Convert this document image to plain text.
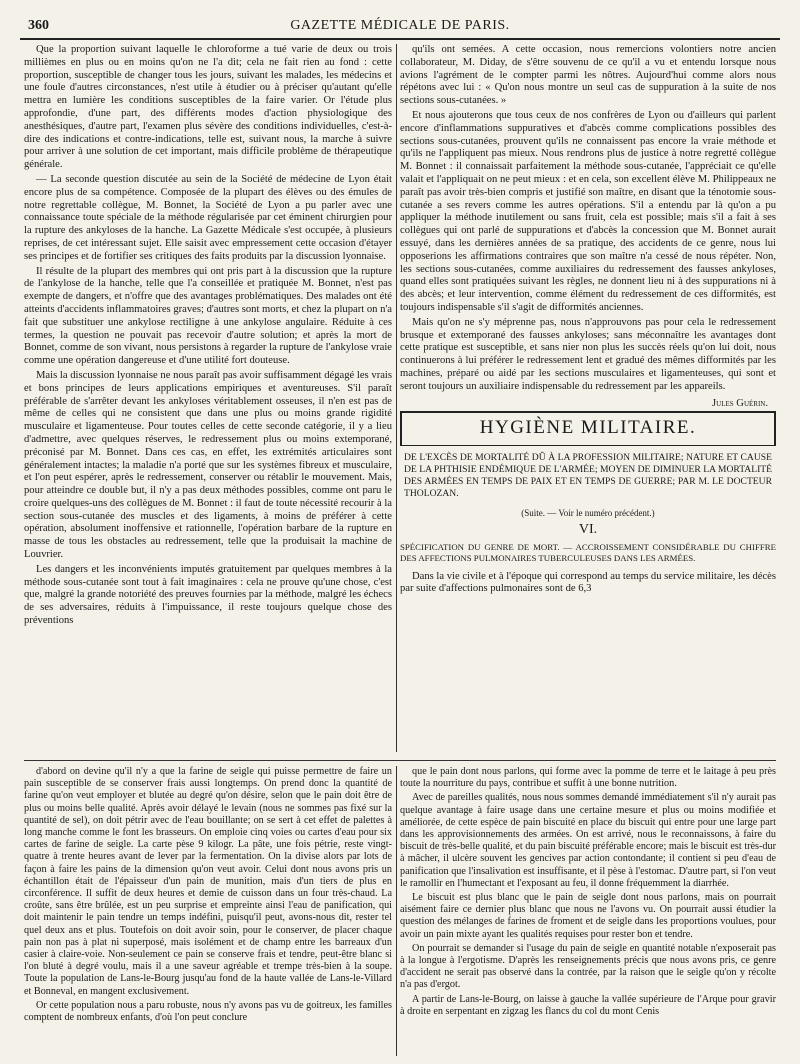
360	GAZETTE MÉDICALE DE PARIS.

Que la proportion suivant laquelle le chloroforme a tué varie de deux ou trois millièmes en plus ou en moins qu'on ne l'a dit; cela ne fait rien au fond : cette proportion, susceptible de changer tous les jours, suivant les malades, les médecins et une foule d'autres circonstances, n'est utile à étudier ou à préciser qu'autant qu'elle mettra en lumière les conditions susceptibles de la faire varier. Or l'étude plus approfondie, d'une part, des différents modes d'action physiologique des anesthésiques, d'autre part, l'examen plus sévère des conditions individuelles, c'est-à-dire des indications et contre-indications, telle est, suivant nous, la marche à suivre pour arriver à une solution de cet important, mais difficile problème de thérapeutique générale.

— La seconde question discutée au sein de la Société de médecine de Lyon était encore plus de sa compétence. Composée de la plupart des élèves ou des émules de notre regrettable collègue, M. Bonnet, la Société de Lyon a pu parler avec une connaissance toute spéciale de la méthode régularisée par cet éminent chirurgien pour la rupture des ankyloses de la hanche. La Gazette Médicale s'est occupée, à plusieurs reprises, de cet intéressant sujet. Elle saisit avec empressement cette occasion d'étayer ses principes et de fortifier ses critiques des faits produits par la discussion lyonnaise.

Il résulte de la plupart des membres qui ont pris part à la discussion que la rupture de l'ankylose de la hanche, telle que l'a conseillée et pratiquée M. Bonnet, n'est pas exempte de dangers, et n'offre que des avantages problématiques. Des malades ont été atteints d'accidents inflammatoires graves; d'autres sont morts, et chez la plupart on n'a fait que substituer une ankylose rectiligne à une ankylose angulaire. Réduite à ces termes, la question ne pouvait pas recevoir d'autre solution; et après la mort de Bonnet, comme de son vivant, nous persistons à regarder la rupture de l'ankylose vraie comme une opération dangereuse et d'une utilité fort douteuse.

Mais la discussion lyonnaise ne nous paraît pas avoir suffisamment dégagé les vrais et bons principes de leurs applications empiriques et aventureuses. S'il paraît préférable de s'arrêter devant les ankyloses véritablement osseuses, il n'en est pas de même de celles qui ne consistent que dans une plus ou moins grande rigidité musculaire et ligamenteuse. Pour toutes celles de cette seconde catégorie, il y a lieu d'admettre, avec quelques réserves, le redressement plus ou moins extemporané, préconisé par M. Bonnet. Dans ces cas, en effet, les extrémités articulaires sont généralement intactes; la maladie n'a porté que sur les systèmes fibreux et musculaire, et l'on peut espérer, après le redressement, conserver ou rétablir le mouvement. Mais, pour atteindre ce double but, il n'y a pas deux méthodes possibles, comme ont paru le croire quelques-uns des collègues de M. Bonnet : il faut de toute nécessité recourir à la section sous-cutanée des muscles et des ligaments, à moins de préférer à cette opération, absolument inoffensive et rationnelle, l'opération barbare de la rupture en masse de tous les obstacles au redressement, telle que la produisait la machine de Louvrier.

Les dangers et les inconvénients imputés gratuitement par quelques membres à la méthode sous-cutanée sont tout à fait imaginaires : cela ne prouve qu'une chose, c'est que, malgré la grande notoriété des preuves fournies par la méthode, malgré les échecs de ses adversaires, réduits à l'impuissance, il reste toujours quelque chose des préventions

qu'ils ont semées. A cette occasion, nous remercions volontiers notre ancien collaborateur, M. Diday, de s'être souvenu de ce qu'il a vu et entendu lorsque nous avions l'agrément de le compter parmi les nôtres. Aujourd'hui comme alors nous répétons avec lui : « Qu'on nous montre un seul cas de suppuration à la suite de nos sections sous-cutanées. »

Et nous ajouterons que tous ceux de nos confrères de Lyon ou d'ailleurs qui parlent encore d'inflammations suppuratives et d'abcès comme complications possibles des sections sous-cutanées, prouvent qu'ils ne connaissent pas encore la vraie méthode et qu'ils ne l'appliquent pas mieux. Nous rendrons plus de justice à notre regretté collègue M. Bonnet : il connaissait parfaitement la méthode sous-cutanée, l'appréciait ce qu'elle valait et l'appliquait on ne peut mieux : et en cela, son excellent élève M. Philippeaux ne paraît pas avoir très-bien compris et justifié son maître, en disant que la ténotomie sous-cutanée a ses revers comme les autres opérations. S'il a entendu par là qu'on a pu appliquer la méthode inutilement ou sans fruit, cela est possible; mais s'il a fait à ses collègues qui ont parlé de suppurations et d'abcès la concession que M. Bonnet aurait essuyé, dans les dernières années de sa pratique, des accidents de ce genre, nous lui opposerions les affirmations contraires que son maître n'a cessé de nous répéter. Non, les sections sous-cutanées, comme auxiliaires du redressement des fausses ankyloses, quand elles sont pratiquées suivant les règles, ne donnent lieu ni à des suppurations ni à des abcès; et leur intervention, comme élément du redressement de ces difformités, est toujours indispensable s'il s'agit de difformités anciennes.

Mais qu'on ne s'y méprenne pas, nous n'approuvons pas pour cela le redressement brusque et extemporané des fausses ankyloses; sans méconnaître les avantages dont cette pratique est susceptible, et sans nier non plus les succès réels qu'on lui doit, nous continuerons à lui préférer le redressement lent et gradué des mêmes difformités par les machines, préparé ou aidé par les sections musculaires et ligamenteuses, qui sont et seront toujours un auxiliaire indispensable du redressement par les appareils.

Jules Guérin.
HYGIÈNE MILITAIRE.
DE L'EXCÈS DE MORTALITÉ DÛ À LA PROFESSION MILITAIRE; NATURE ET CAUSE DE LA PHTHISIE ENDÉMIQUE DE L'ARMÉE; MOYEN DE DIMINUER LA MORTALITÉ DES ARMÉES EN TEMPS DE PAIX ET EN TEMPS DE GUERRE; PAR M. LE DOCTEUR THOLOZAN.
(Suite. — Voir le numéro précédent.)
VI.
SPÉCIFICATION DU GENRE DE MORT. — ACCROISSEMENT CONSIDÉRABLE DU CHIFFRE DES AFFECTIONS PULMONAIRES TUBERCULEUSES DANS LES ARMÉES.

Dans la vie civile et à l'époque qui correspond au temps du service militaire, les décès par suite d'affections pulmonaires sont de 6,3

d'abord on devine qu'il n'y a que la farine de seigle qui puisse permettre de faire un pain susceptible de se conserver frais aussi longtemps. On prend donc la quantité de farine qu'on veut employer et blutée au degré qu'on désire, selon que le pain doit être de plus ou moins belle qualité. Après avoir délayé le levain (nous ne sommes pas fixé sur la quantité de sel), on doit pétrir avec de l'eau bouillante; on se sert à cet effet de palettes à long manche comme le font les brasseurs. On emploie cinq voies ou cartes d'eau pour six cartes de farine de seigle. La carte pèse 9 kilogr. La pâte, une fois pétrie, reste vingt-quatre à trente heures avant de lever par la fermentation. On la divise alors par lots de façon à faire les pains de la dimension qu'on veut avoir. Celui dont nous avons pris un échantillon était de l'épaisseur d'un pain de munition, mais d'un tiers de plus en circonférence. Il suffit de deux heures et demie de cuisson dans un four très-chaud. La croûte, sans être brûlée, est un peu surprise et empreinte ainsi l'eau de panification, qui doit maintenir le pain tendre un temps indéfini, puisqu'il peut, avons-nous dit, rester tel quel deux ans et plus. Toutefois on doit avoir soin, pour le conserver, de placer chaque pain non pas à plat ni superposé, mais isolément et de champ entre les barreaux d'un casier à claire-voie. Non-seulement ce pain se conserve frais et tendre, peut-être blanc si l'on bluté à degré voulu, mais il a une saveur agréable et trempe très-bien à la soupe. Toute la population de Lans-le-Bourg jusqu'au fond de la haute vallée de Lans-le-Villard et Bonneval, en mangent exclusivement.

Or cette population nous a paru robuste, nous n'y avons pas vu de goitreux, les familles comptent de nombreux enfants, d'où l'on peut conclure

que le pain dont nous parlons, qui forme avec la pomme de terre et le laitage à peu près toute la nourriture du pays, contribue et suffit à une bonne nutrition.

Avec de pareilles qualités, nous nous sommes demandé immédiatement s'il n'y aurait pas quelque avantage à faire usage dans une certaine mesure et plus ou moins modifiée et améliorée, de cette espèce de pain biscuité en place du biscuit qui entre pour une large part dans les approvisionnements des armées. On est arrivé, nous le reconnaissons, à faire du biscuit de très-belle qualité, et du pain biscuité préférable encore; mais le biscuit est très-dur à mâcher, il ulcère souvent les gencives par action contondante; il contient si peu d'eau de panification que l'insalivation est insuffisante, et il pèse à l'estomac. D'autre part, si l'on veut le ramollir en l'humectant et l'exposant au feu, il donne fréquemment la diarrhée.

Le biscuit est plus blanc que le pain de seigle dont nous parlons, mais on pourrait aisément faire ce dernier plus blanc que nous ne l'avons vu. On pourrait aussi étudier la question des mélanges de farines de froment et de seigle dans les proportions voulues, pour avoir un pain mixte ayant les qualités requises pour rester bon et tendre.

On pourrait se demander si l'usage du pain de seigle en quantité notable n'exposerait pas à la longue à l'ergotisme. D'après les renseignements précis que nous avons pris, ce genre d'accident ne serait pas observé dans la contrée, par la raison que le seigle qu'on y récolte n'a pas d'ergot.

A partir de Lans-le-Bourg, on laisse à gauche la vallée supérieure de l'Arque pour gravir à droite en serpentant en zigzag les flancs du col du mont Cenis
